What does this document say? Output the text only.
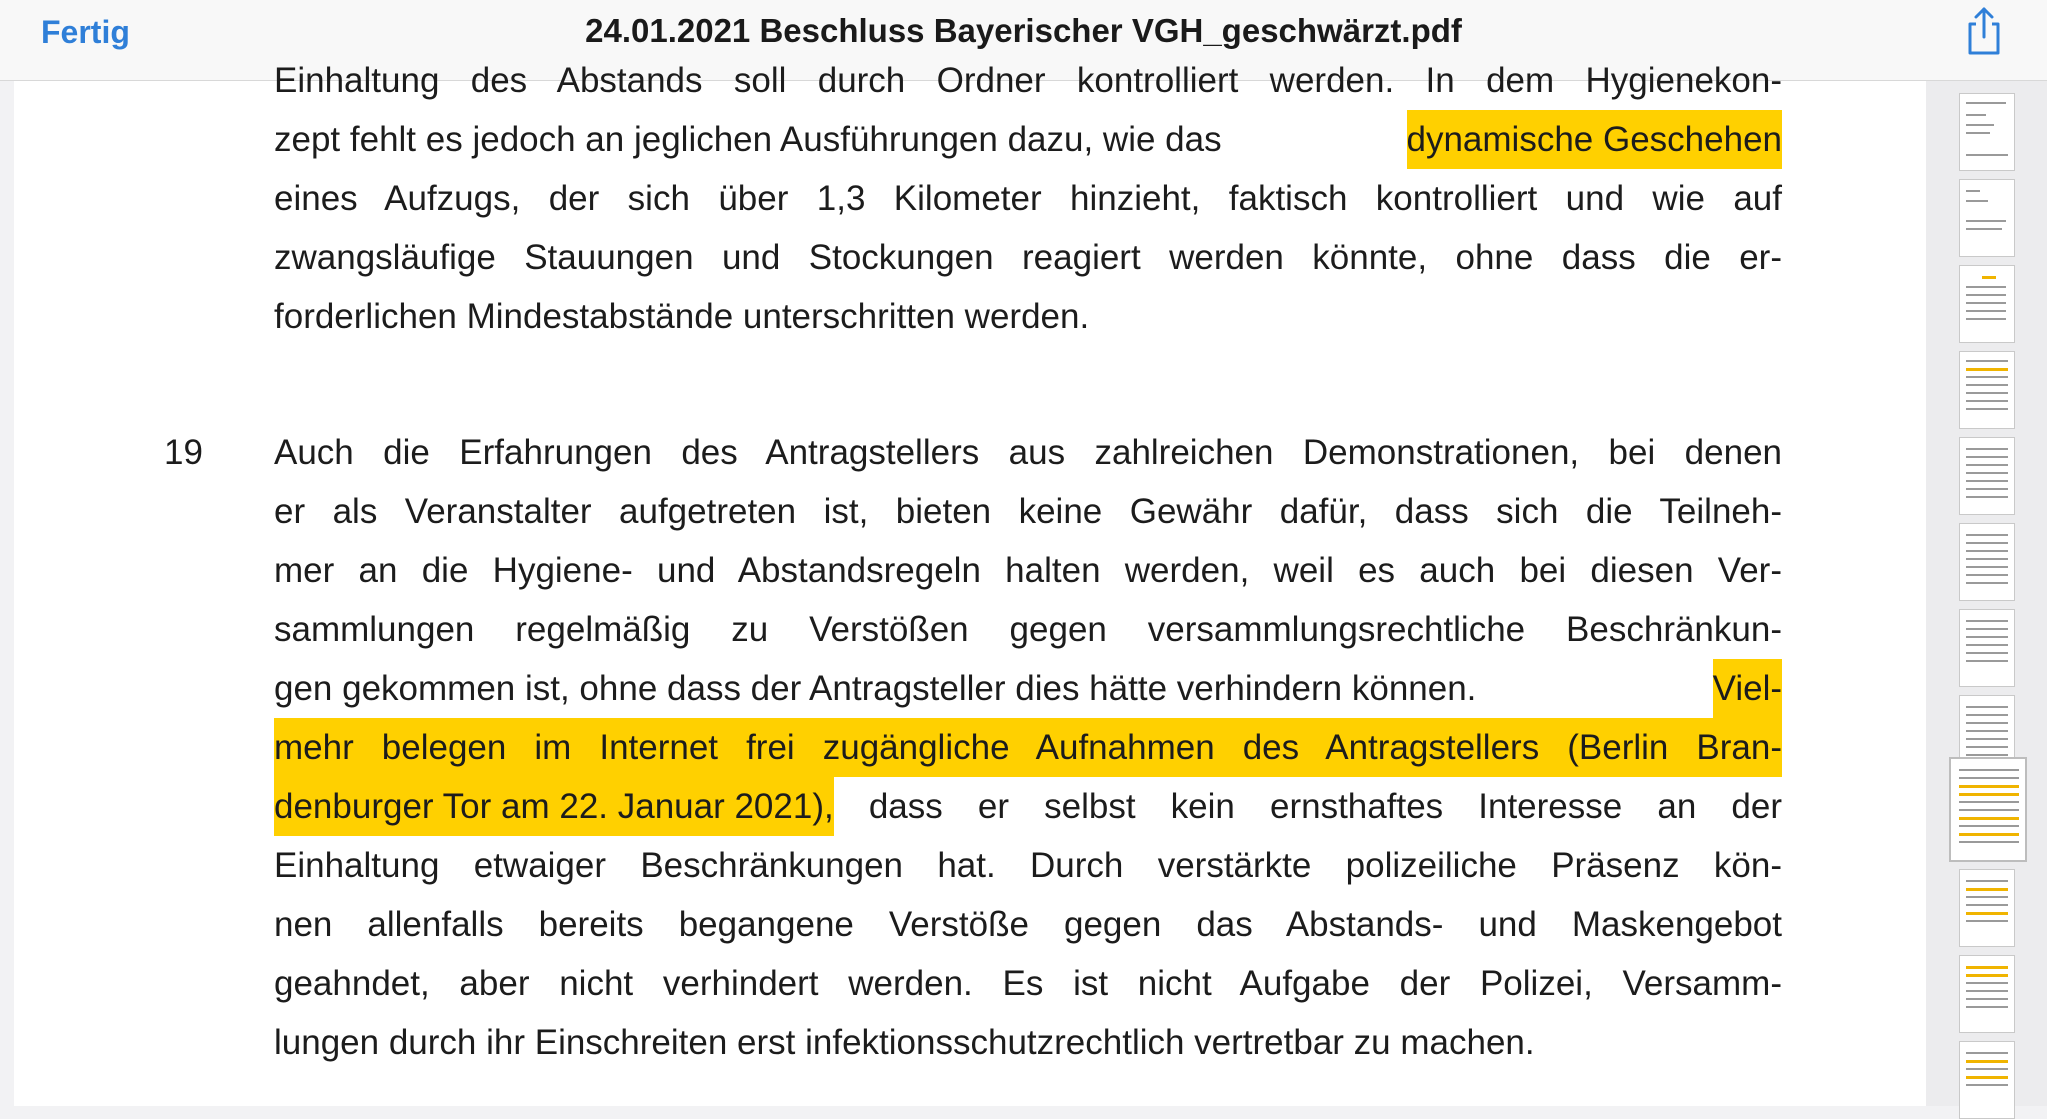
Fertig	24.01.2021 Beschluss Bayerischer VGH_geschwärzt.pdf
Einhaltung des Abstands soll durch Ordner kontrolliert werden. In dem Hygienekon-
zept fehlt es jedoch an jeglichen Ausführungen dazu, wie das	dynamische Geschehen
eines Aufzugs, der sich über 1,3 Kilometer hinzieht, faktisch kontrolliert und wie auf
zwangsläufige Stauungen und Stockungen reagiert werden könnte, ohne dass die er-
forderlichen Mindestabstände unterschritten werden.
19 Auch die Erfahrungen des Antragstellers aus zahlreichen Demonstrationen, bei denen
er als Veranstalter aufgetreten ist, bieten keine Gewähr dafür, dass sich die Teilneh-
mer an die Hygiene- und Abstandsregeln halten werden, weil es auch bei diesen Ver-
sammlungen regelmäßig zu Verstößen gegen versammlungsrechtliche Beschränkun-
gen gekommen ist, ohne dass der Antragsteller dies hätte verhindern können.	Viel-
mehr belegen im Internet frei zugängliche Aufnahmen des Antragstellers (Berlin Bran-
denburger Tor am 22. Januar 2021), dass er selbst kein ernsthaftes Interesse an der
Einhaltung etwaiger Beschränkungen hat. Durch verstärkte polizeiliche Präsenz kön-
nen allenfalls bereits begangene Verstöße gegen das Abstands- und Maskengebot
geahndet, aber nicht verhindert werden. Es ist nicht Aufgabe der Polizei, Versamm-
lungen durch ihr Einschreiten erst infektionsschutzrechtlich vertretbar zu machen.
